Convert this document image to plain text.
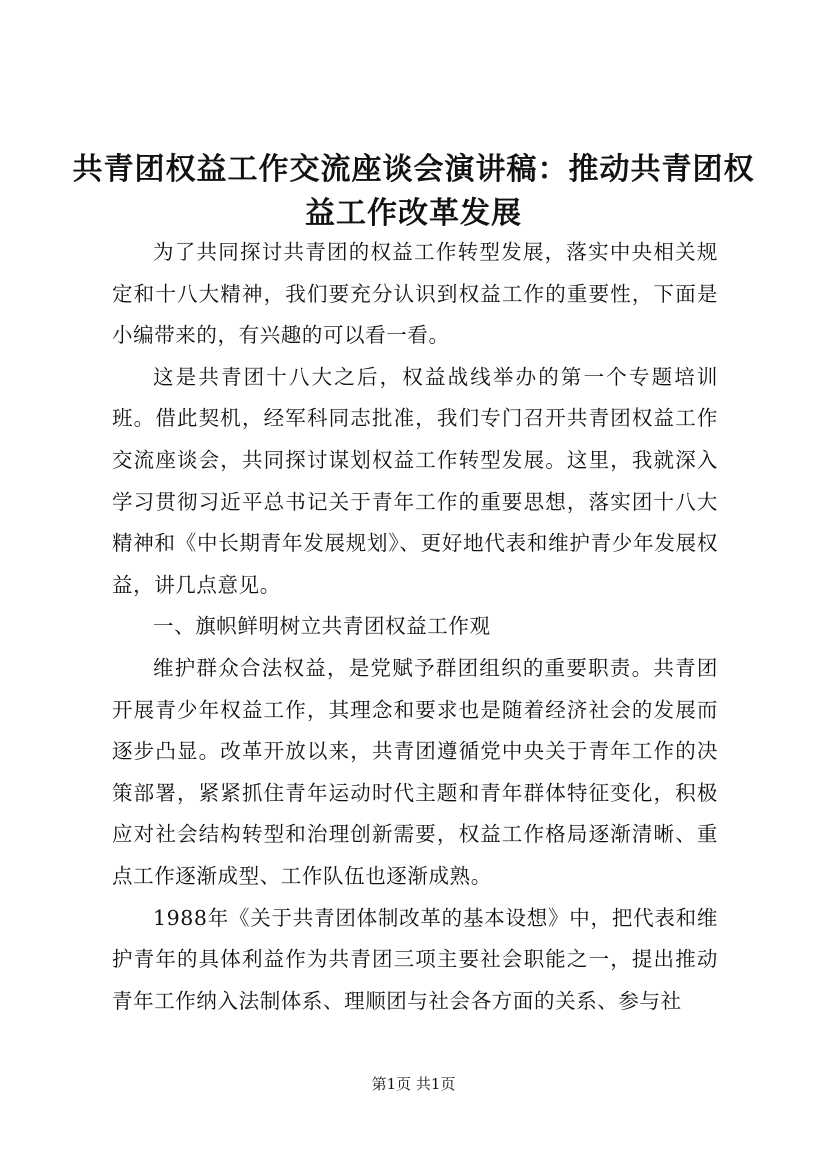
共青团权益工作交流座谈会演讲稿：推动共青团权益工作改革发展

为了共同探讨共青团的权益工作转型发展，落实中央相关规定和十八大精神，我们要充分认识到权益工作的重要性，下面是小编带来的，有兴趣的可以看一看。

这是共青团十八大之后，权益战线举办的第一个专题培训班。借此契机，经军科同志批准，我们专门召开共青团权益工作交流座谈会，共同探讨谋划权益工作转型发展。这里，我就深入学习贯彻习近平总书记关于青年工作的重要思想，落实团十八大精神和《中长期青年发展规划》、更好地代表和维护青少年发展权益，讲几点意见。

一、旗帜鲜明树立共青团权益工作观

维护群众合法权益，是党赋予群团组织的重要职责。共青团开展青少年权益工作，其理念和要求也是随着经济社会的发展而逐步凸显。改革开放以来，共青团遵循党中央关于青年工作的决策部署，紧紧抓住青年运动时代主题和青年群体特征变化，积极应对社会结构转型和治理创新需要，权益工作格局逐渐清晰、重点工作逐渐成型、工作队伍也逐渐成熟。

1988年《关于共青团体制改革的基本设想》中，把代表和维护青年的具体利益作为共青团三项主要社会职能之一，提出推动青年工作纳入法制体系、理顺团与社会各方面的关系、参与社

第1页 共1页
